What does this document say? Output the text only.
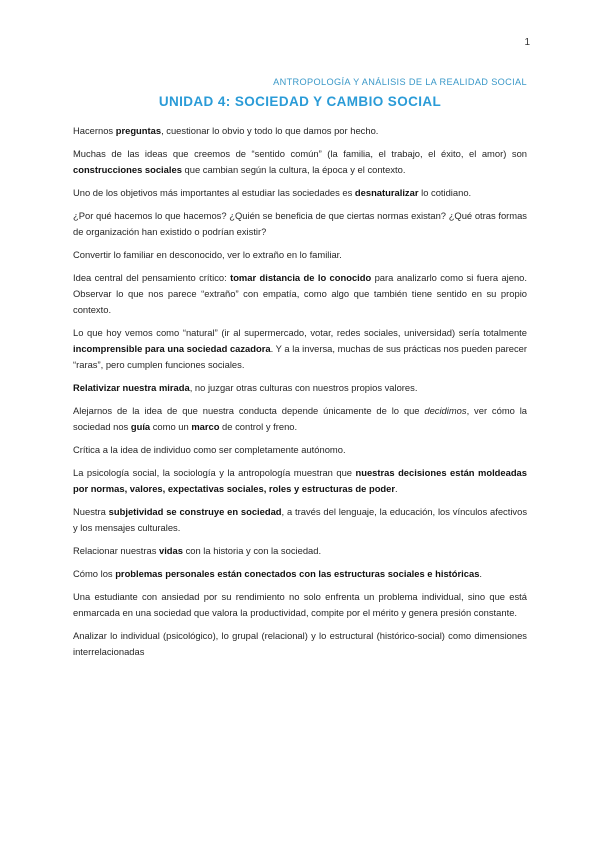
1
ANTROPOLOGÍA Y ANÁLISIS DE LA REALIDAD SOCIAL
UNIDAD 4: SOCIEDAD Y CAMBIO SOCIAL

Hacernos preguntas, cuestionar lo obvio y todo lo que damos por hecho.

Muchas de las ideas que creemos de “sentido común” (la familia, el trabajo, el éxito, el amor) son construcciones sociales que cambian según la cultura, la época y el contexto.

Uno de los objetivos más importantes al estudiar las sociedades es desnaturalizar lo cotidiano.

¿Por qué hacemos lo que hacemos? ¿Quién se beneficia de que ciertas normas existan? ¿Qué otras formas de organización han existido o podrían existir?

Convertir lo familiar en desconocido, ver lo extraño en lo familiar.

Idea central del pensamiento crítico: tomar distancia de lo conocido para analizarlo como si fuera ajeno. Observar lo que nos parece “extraño” con empatía, como algo que también tiene sentido en su propio contexto.

Lo que hoy vemos como “natural” (ir al supermercado, votar, redes sociales, universidad) sería totalmente incomprensible para una sociedad cazadora. Y a la inversa, muchas de sus prácticas nos pueden parecer “raras”, pero cumplen funciones sociales.

Relativizar nuestra mirada, no juzgar otras culturas con nuestros propios valores.

Alejarnos de la idea de que nuestra conducta depende únicamente de lo que decidimos, ver cómo la sociedad nos guía como un marco de control y freno.

Crítica a la idea de individuo como ser completamente autónomo.

La psicología social, la sociología y la antropología muestran que nuestras decisiones están moldeadas por normas, valores, expectativas sociales, roles y estructuras de poder.

Nuestra subjetividad se construye en sociedad, a través del lenguaje, la educación, los vínculos afectivos y los mensajes culturales.

Relacionar nuestras vidas con la historia y con la sociedad.

Cómo los problemas personales están conectados con las estructuras sociales e históricas.

Una estudiante con ansiedad por su rendimiento no solo enfrenta un problema individual, sino que está enmarcada en una sociedad que valora la productividad, compite por el mérito y genera presión constante.

Analizar lo individual (psicológico), lo grupal (relacional) y lo estructural (histórico-social) como dimensiones interrelacionadas
